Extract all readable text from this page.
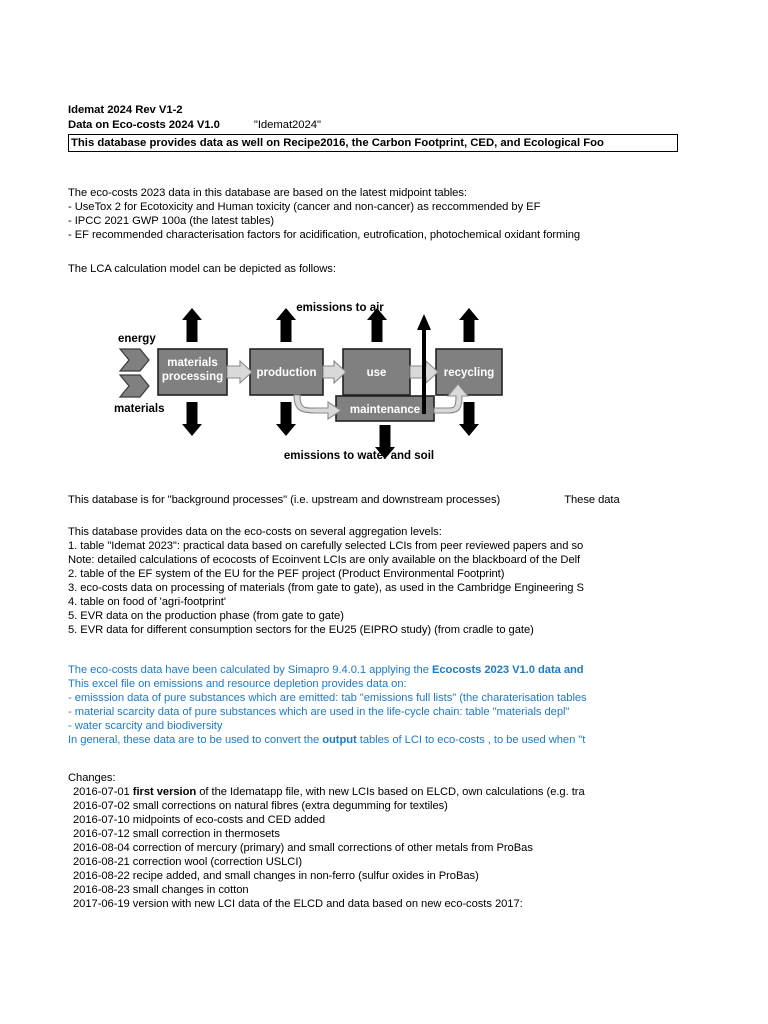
Idemat 2024 Rev V1-2
Data on Eco-costs 2024 V1.0	"Idemat2024"
This database provides data as well on Recipe2016, the Carbon Footprint, CED, and Ecological Foo
The eco-costs 2023 data in this database are based on the latest midpoint tables:
- UseTox 2 for Ecotoxicity and Human toxicity (cancer and non-cancer) as reccommended by EF
- IPCC 2021 GWP 100a (the latest tables)
- EF recommended characterisation factors for acidification, eutrofication, photochemical oxidant forming
The LCA calculation model can be depicted as follows:
materials
processing	production	use	recycling
maintenance
energy
materials
emissions to air
emissions to water and soil
This database is for "background processes" (i.e. upstream and downstream processes)	These data
This database provides data on the eco-costs on several aggregation levels:
1. table "Idemat 2023": practical data based on carefully selected LCIs from peer reviewed papers and so
Note: detailed calculations of ecocosts of Ecoinvent LCIs are only available on the blackboard of the Delf
2. table of the EF system of the EU for the PEF project (Product Environmental Footprint)
3. eco-costs data on processing of materials (from gate to gate), as used in the Cambridge Engineering S
4. table on food of 'agri-footprint'
5. EVR data on the production phase (from gate to gate)
5. EVR data for different consumption sectors for the EU25 (EIPRO study) (from cradle to gate)
The eco-costs data have been calculated by Simapro 9.4.0.1 applying the Ecocosts 2023 V1.0 data and
This excel file on emissions and resource depletion provides data on:
- emisssion data of pure substances which are emitted: tab "emissions full lists" (the charaterisation tables
- material scarcity data of pure substances which are used in the life-cycle chain: table "materials depl"
- water scarcity and biodiversity
In general, these data are to be used to convert the output tables of LCI to eco-costs , to be used when "t
Changes:
2016-07-01 first version of the Idematapp file, with new LCIs based on ELCD, own calculations (e.g. tra
2016-07-02 small corrections on natural fibres (extra degumming for textiles)
2016-07-10 midpoints of eco-costs and CED added
2016-07-12 small correction in thermosets
2016-08-04 correction of mercury (primary) and small corrections of other metals from ProBas
2016-08-21 correction wool (correction USLCI)
2016-08-22 recipe added, and small changes in non-ferro (sulfur oxides in ProBas)
2016-08-23 small changes in cotton
2017-06-19 version with new LCI data of the ELCD and data based on new eco-costs 2017:
